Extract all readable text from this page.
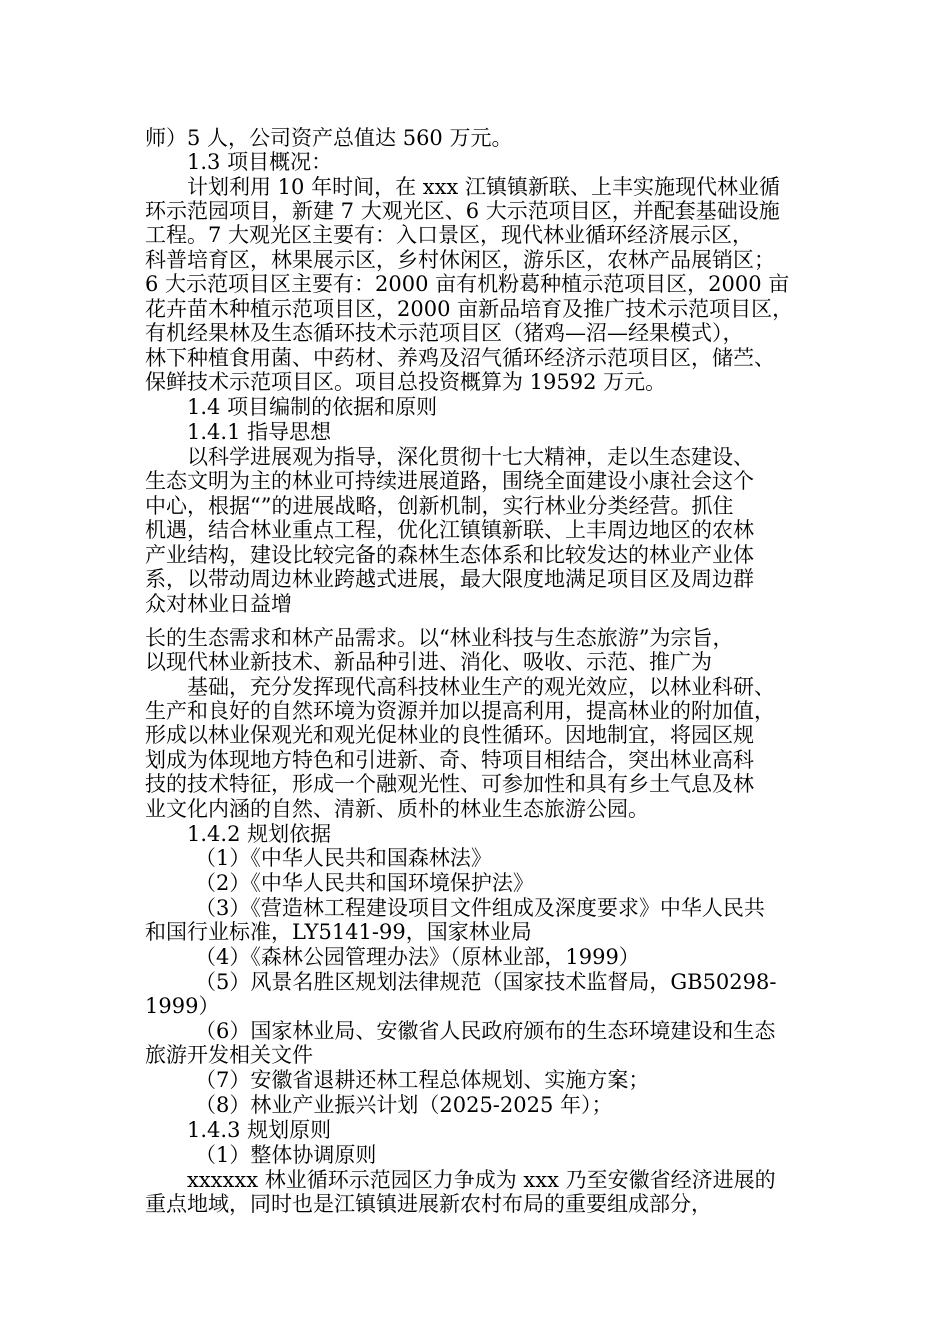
师）5 人，公司资产总值达 560 万元。
1.3 项目概况：
计划利用 10 年时间，在 xxx 江镇镇新联、上丰实施现代林业循
环示范园项目，新建 7 大观光区、6 大示范项目区，并配套基础设施
工程。7 大观光区主要有：入口景区，现代林业循环经济展示区，
科普培育区，林果展示区，乡村休闲区，游乐区，农林产品展销区；
6 大示范项目区主要有：2000 亩有机粉葛种植示范项目区，2000 亩
花卉苗木种植示范项目区，2000 亩新品培育及推广技术示范项目区，
有机经果林及生态循环技术示范项目区（猪鸡—沼—经果模式），
林下种植食用菌、中药材、养鸡及沼气循环经济示范项目区，储苎、
保鲜技术示范项目区。项目总投资概算为 19592 万元。
1.4 项目编制的依据和原则
1.4.1 指导思想
以科学进展观为指导，深化贯彻十七大精神，走以生态建设、
生态文明为主的林业可持续进展道路，围绕全面建设小康社会这个
中心，根据“”的进展战略，创新机制，实行林业分类经营。抓住
机遇，结合林业重点工程，优化江镇镇新联、上丰周边地区的农林
产业结构，建设比较完备的森林生态体系和比较发达的林业产业体
系，以带动周边林业跨越式进展，最大限度地满足项目区及周边群
众对林业日益增
长的生态需求和林产品需求。以“林业科技与生态旅游”为宗旨，
以现代林业新技术、新品种引进、消化、吸收、示范、推广为
基础，充分发挥现代高科技林业生产的观光效应，以林业科研、
生产和良好的自然环境为资源并加以提高利用，提高林业的附加值，
形成以林业保观光和观光促林业的良性循环。因地制宜，将园区规
划成为体现地方特色和引进新、奇、特项目相结合，突出林业高科
技的技术特征，形成一个融观光性、可参加性和具有乡土气息及林
业文化内涵的自然、清新、质朴的林业生态旅游公园。
1.4.2 规划依据
（1）《中华人民共和国森林法》
（2）《中华人民共和国环境保护法》
（3）《营造林工程建设项目文件组成及深度要求》中华人民共
和国行业标准，LY5141-99，国家林业局
（4）《森林公园管理办法》（原林业部，1999）
（5）风景名胜区规划法律规范（国家技术监督局，GB50298-
1999）
（6）国家林业局、安徽省人民政府颁布的生态环境建设和生态
旅游开发相关文件
（7）安徽省退耕还林工程总体规划、实施方案；
（8）林业产业振兴计划（2025-2025 年）；
1.4.3 规划原则
（1）整体协调原则
xxxxxx 林业循环示范园区力争成为 xxx 乃至安徽省经济进展的
重点地域，同时也是江镇镇进展新农村布局的重要组成部分，
